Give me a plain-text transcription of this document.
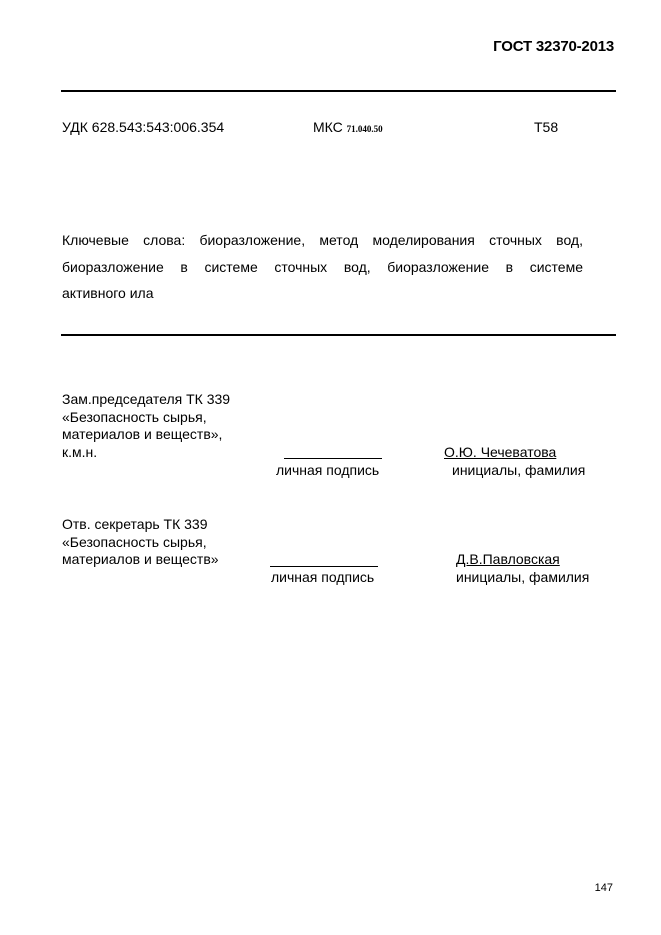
ГОСТ 32370-2013
УДК 628.543:543:006.354	МКС 71.040.50	Т58
Ключевые слова: биоразложение, метод моделирования сточных вод,
биоразложение в системе сточных вод, биоразложение в системе
активного ила
Зам.председателя ТК 339
«Безопасность сырья,
материалов и веществ»,
к.м.н.
личная подпись
О.Ю. Чечеватова
инициалы, фамилия
Отв. секретарь ТК 339
«Безопасность сырья,
материалов и веществ»
личная подпись
Д.В.Павловская
инициалы, фамилия
147
